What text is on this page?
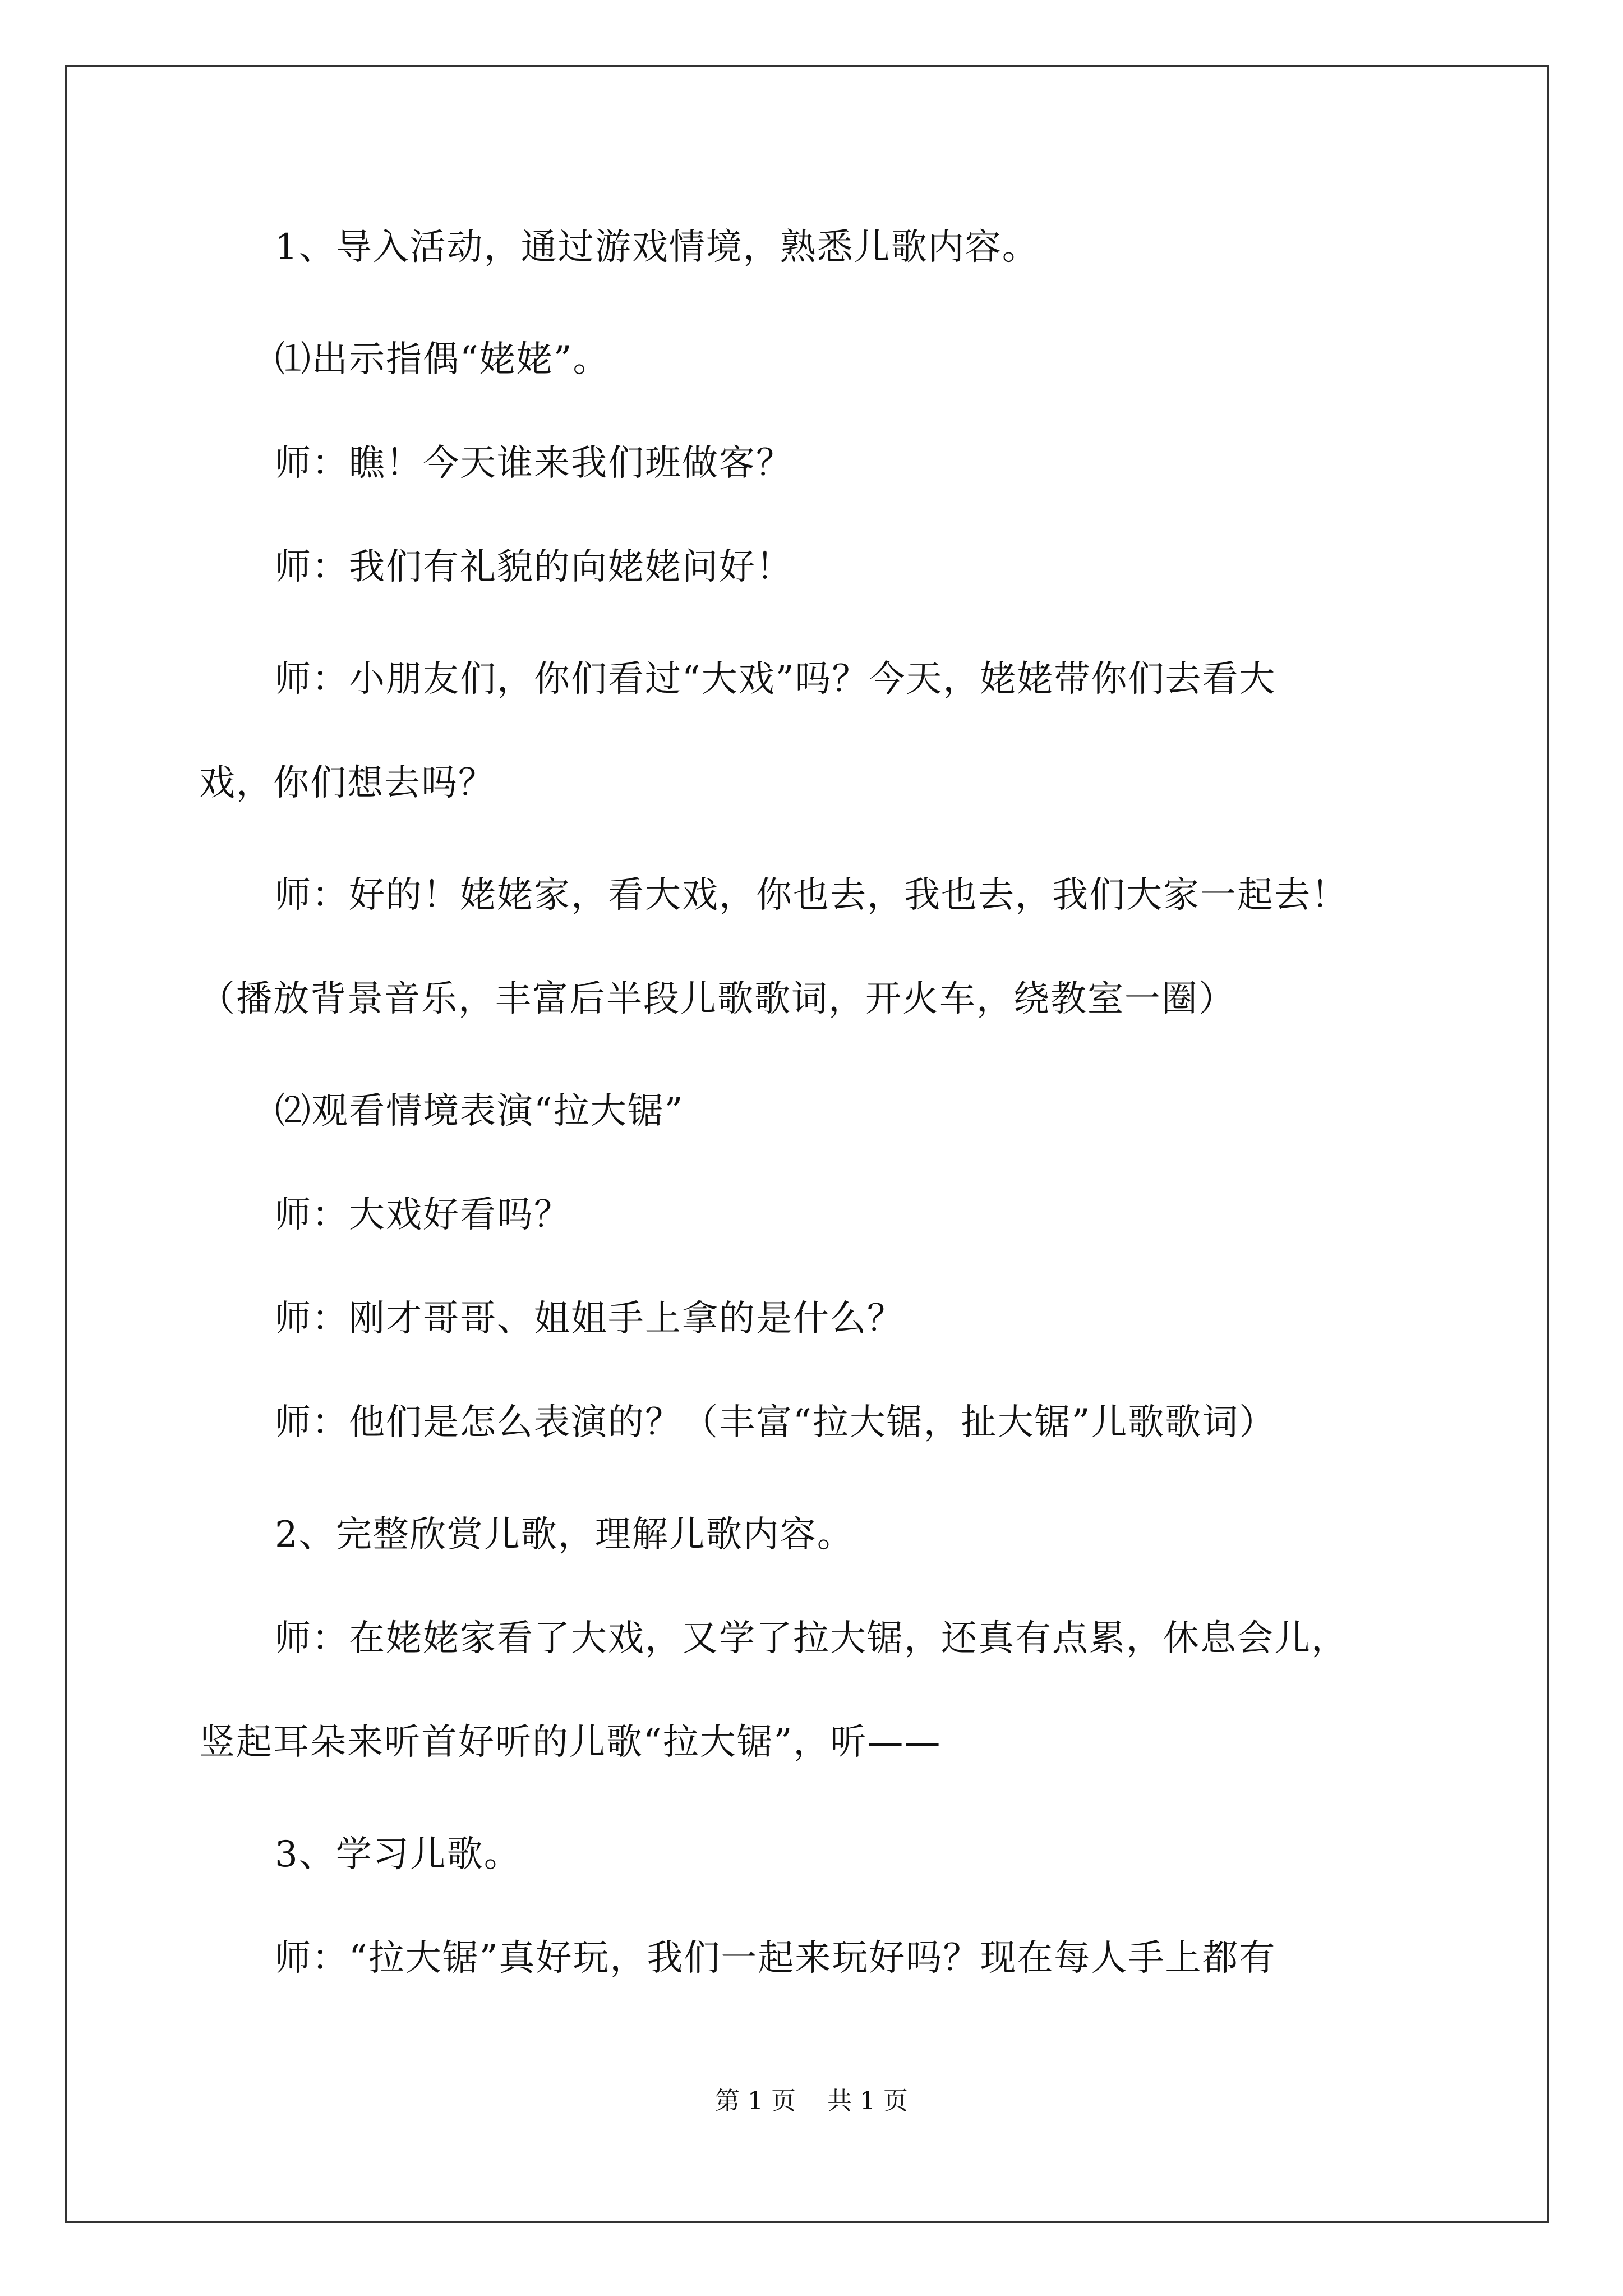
1、导入活动，通过游戏情境，熟悉儿歌内容。
⑴出示指偶“姥姥”。
师：瞧！今天谁来我们班做客？
师：我们有礼貌的向姥姥问好！
师：小朋友们，你们看过“大戏”吗？今天，姥姥带你们去看大
戏，你们想去吗？
师：好的！姥姥家，看大戏，你也去，我也去，我们大家一起去！
（播放背景音乐，丰富后半段儿歌歌词，开火车，绕教室一圈）
⑵观看情境表演“拉大锯”
师：大戏好看吗？
师：刚才哥哥、姐姐手上拿的是什么？
师：他们是怎么表演的？（丰富“拉大锯，扯大锯”儿歌歌词）
2、完整欣赏儿歌，理解儿歌内容。
师：在姥姥家看了大戏，又学了拉大锯，还真有点累，休息会儿，
竖起耳朵来听首好听的儿歌“拉大锯”，听——
3、学习儿歌。
师：“拉大锯”真好玩，我们一起来玩好吗？现在每人手上都有
第 1 页    共 1 页
